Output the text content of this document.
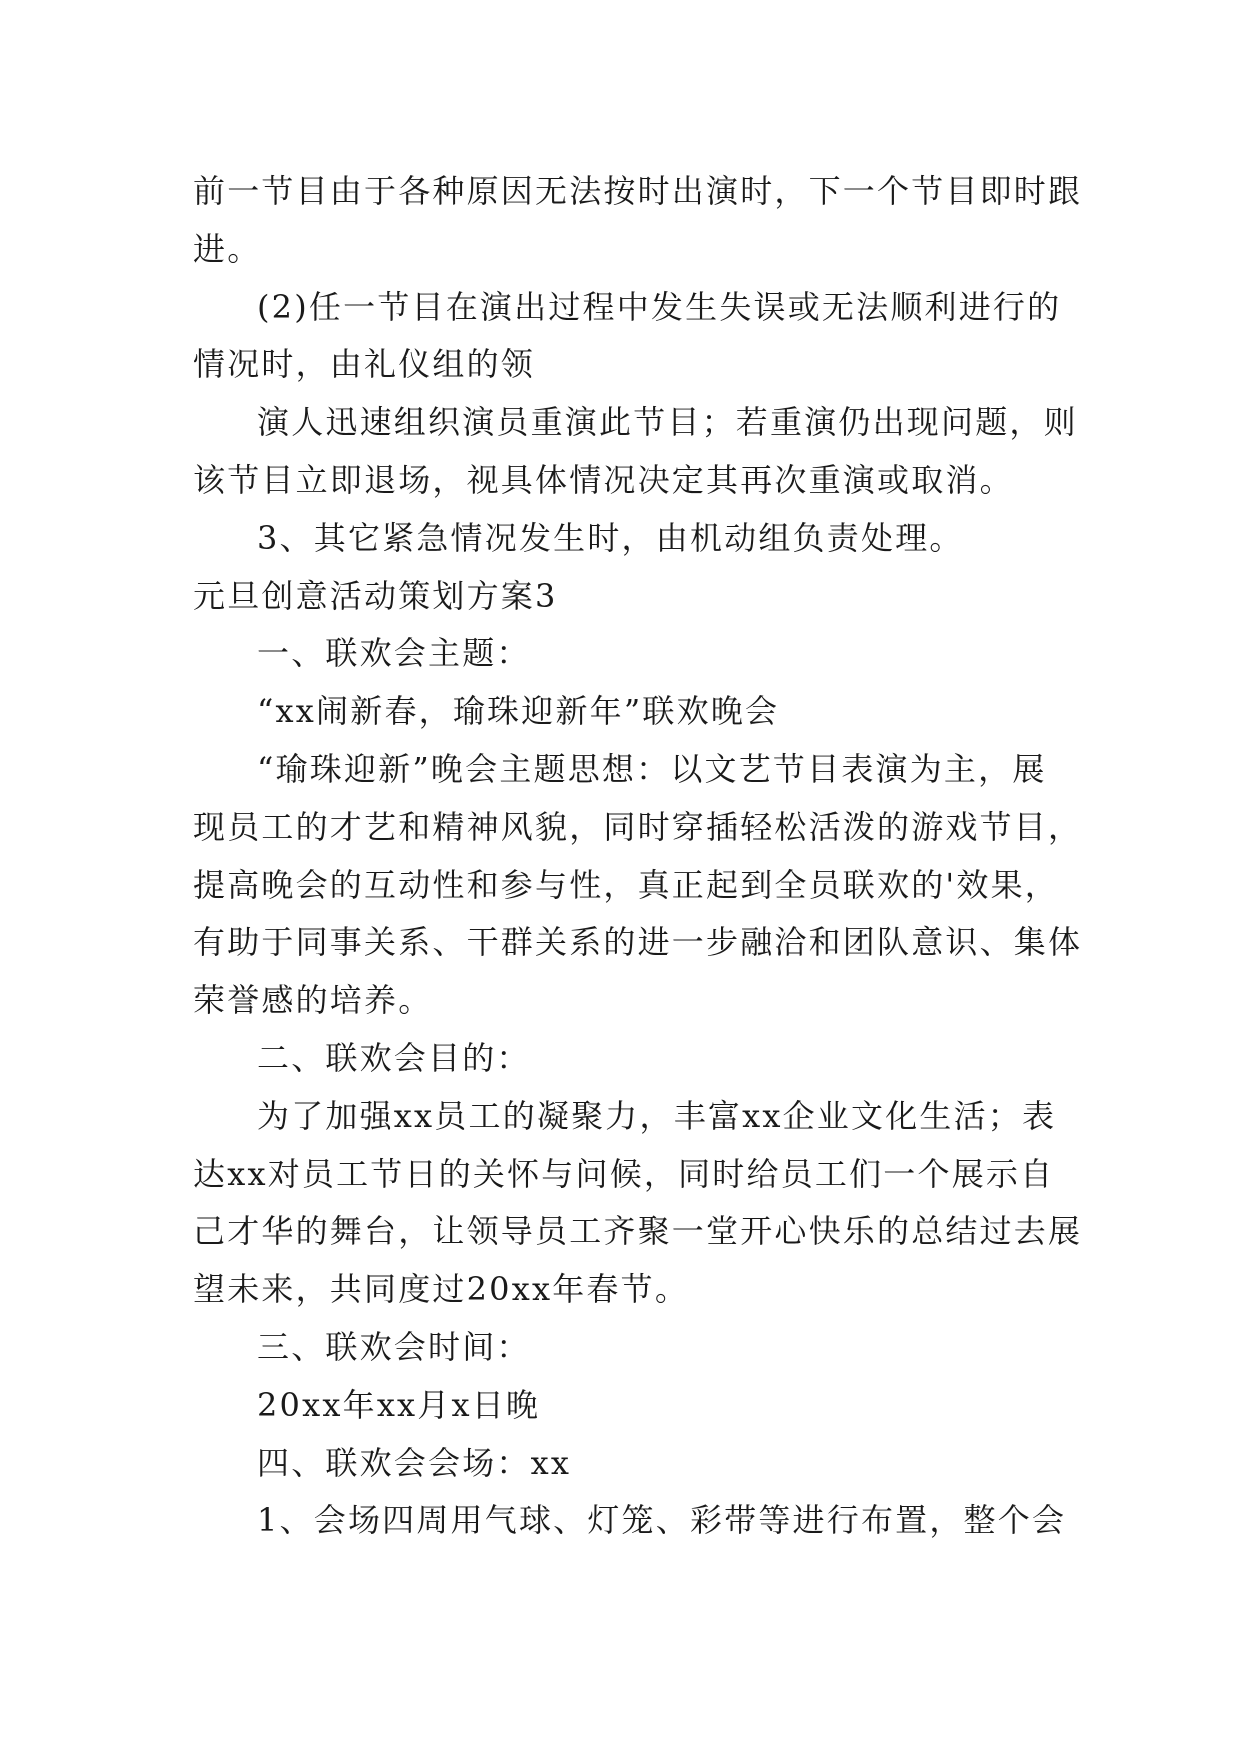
前一节目由于各种原因无法按时出演时，下一个节目即时跟
进。
(2)任一节目在演出过程中发生失误或无法顺利进行的
情况时，由礼仪组的领
演人迅速组织演员重演此节目；若重演仍出现问题，则
该节目立即退场，视具体情况决定其再次重演或取消。
3、其它紧急情况发生时，由机动组负责处理。
元旦创意活动策划方案3
一、联欢会主题：
“xx闹新春，瑜珠迎新年”联欢晚会
“瑜珠迎新”晚会主题思想：以文艺节目表演为主，展
现员工的才艺和精神风貌，同时穿插轻松活泼的游戏节目，
提高晚会的互动性和参与性，真正起到全员联欢的'效果，
有助于同事关系、干群关系的进一步融洽和团队意识、集体
荣誉感的培养。
二、联欢会目的：
为了加强xx员工的凝聚力，丰富xx企业文化生活；表
达xx对员工节日的关怀与问候，同时给员工们一个展示自
己才华的舞台，让领导员工齐聚一堂开心快乐的总结过去展
望未来，共同度过20xx年春节。
三、联欢会时间：
20xx年xx月x日晚
四、联欢会会场：xx
1、会场四周用气球、灯笼、彩带等进行布置，整个会
